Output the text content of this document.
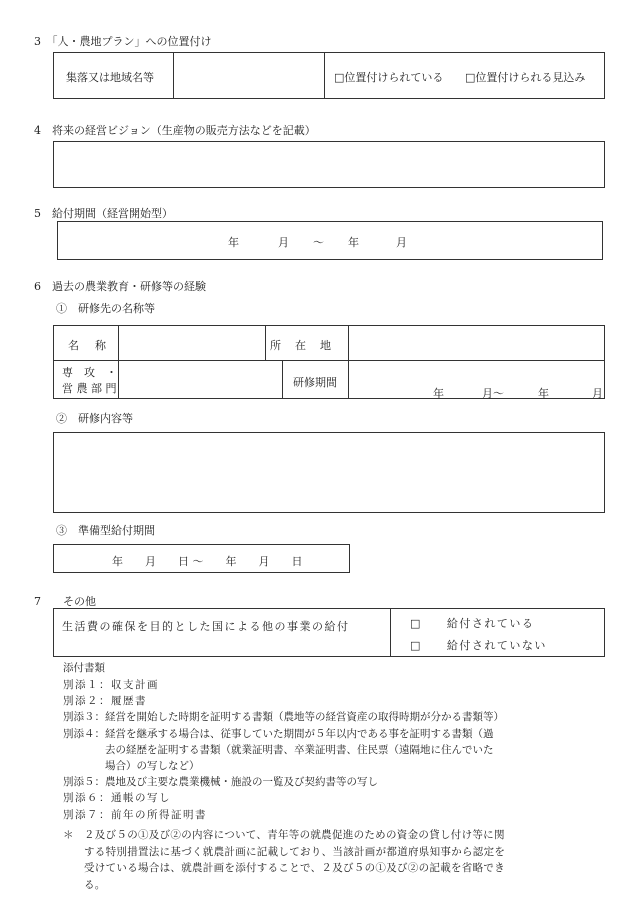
3　「人・農地プラン」への位置付け
集落又は地域名等	□位置付けられている □位置付けられる見込み
4　将来の経営ビジョン（生産物の販売方法などを記載）
5　給付期間（経営開始型）
年	月 ～ 年	月
6　過去の農業教育・研修等の経験
①　研修先の名称等
名 称	所 在 地
専　攻　・
営 農 部 門	研修期間
年	月～	年	月
②　研修内容等
③　準備型給付期間
年　　月　　日 ～　　年　　月　　日
7　　その他
生活費の確保を目的とした国による他の事業の給付	□　　給付されている
□　　給付されていない
添付書類
別添１：収支計画
別添２：履歴書
別添３：経営を開始した時期を証明する書類（農地等の経営資産の取得時期が分かる書類等）
別添４：経営を継承する場合は、従事していた期間が５年以内である事を証明する書類（過
　　　　去の経歴を証明する書類（就業証明書、卒業証明書、住民票（遠隔地に住んでいた
　　　　場合）の写しなど）
別添５：農地及び主要な農業機械・施設の一覧及び契約書等の写し
別添６：通帳の写し
別添７：前年の所得証明書
＊ ２及び５の①及び②の内容について、青年等の就農促進のための資金の貸し付け等に関
する特別措置法に基づく就農計画に記載しており、当該計画が都道府県知事から認定を
受けている場合は、就農計画を添付することで、２及び５の①及び②の記載を省略でき
る。
